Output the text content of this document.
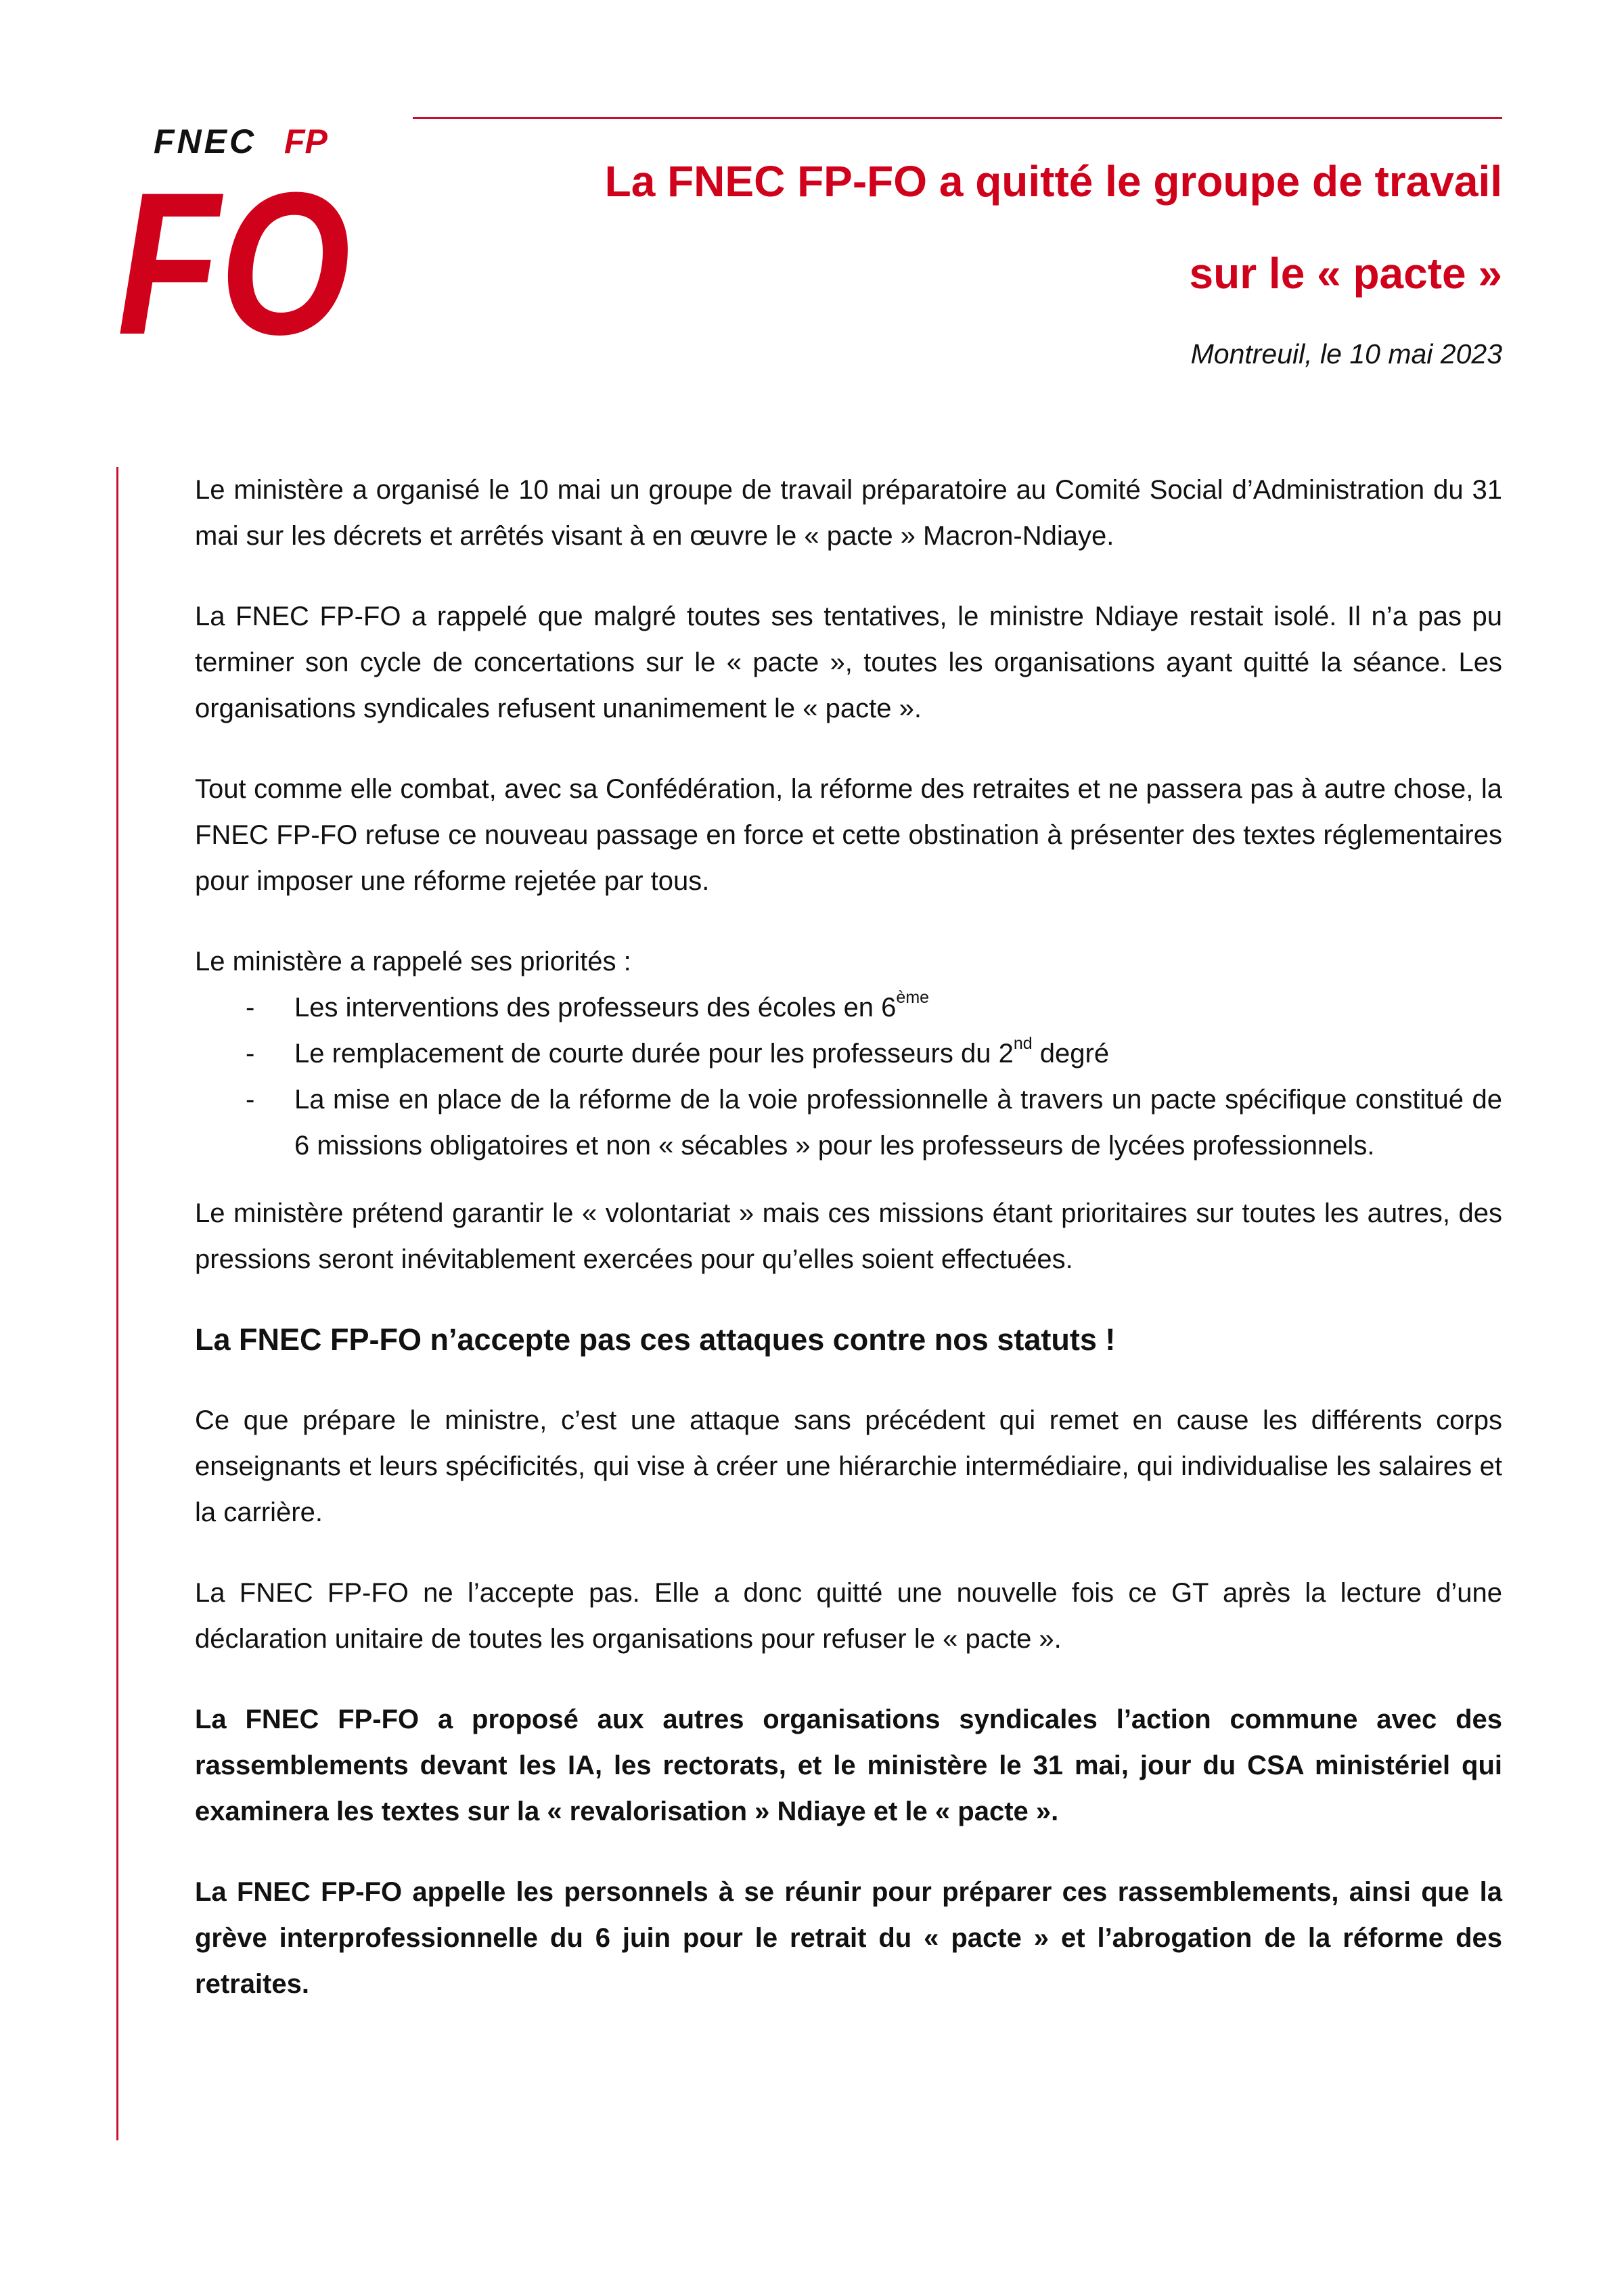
FNEC FP
FO	La FNEC FP-FO a quitté le groupe de travail
sur le « pacte »
Montreuil, le 10 mai 2023

Le ministère a organisé le 10 mai un groupe de travail préparatoire au Comité Social d’Administration du 31 mai sur les décrets et arrêtés visant à en œuvre le « pacte » Macron-Ndiaye.

La FNEC FP-FO a rappelé que malgré toutes ses tentatives, le ministre Ndiaye restait isolé. Il n’a pas pu terminer son cycle de concertations sur le « pacte », toutes les organisations ayant quitté la séance. Les organisations syndicales refusent unanimement le « pacte ».

Tout comme elle combat, avec sa Confédération, la réforme des retraites et ne passera pas à autre chose, la FNEC FP-FO refuse ce nouveau passage en force et cette obstination à présenter des textes réglementaires pour imposer une réforme rejetée par tous.

Le ministère a rappelé ses priorités :

- Les interventions des professeurs des écoles en 6ème
- Le remplacement de courte durée pour les professeurs du 2nd degré
- La mise en place de la réforme de la voie professionnelle à travers un pacte spécifique constitué de 6 missions obligatoires et non « sécables » pour les professeurs de lycées professionnels.

Le ministère prétend garantir le « volontariat » mais ces missions étant prioritaires sur toutes les autres, des pressions seront inévitablement exercées pour qu’elles soient effectuées.

La FNEC FP-FO n’accepte pas ces attaques contre nos statuts !

Ce que prépare le ministre, c’est une attaque sans précédent qui remet en cause les différents corps enseignants et leurs spécificités, qui vise à créer une hiérarchie intermédiaire, qui individualise les salaires et la carrière.

La FNEC FP-FO ne l’accepte pas. Elle a donc quitté une nouvelle fois ce GT après la lecture d’une déclaration unitaire de toutes les organisations pour refuser le « pacte ».

La FNEC FP-FO a proposé aux autres organisations syndicales l’action commune avec des rassemblements devant les IA, les rectorats, et le ministère le 31 mai, jour du CSA ministériel qui examinera les textes sur la « revalorisation » Ndiaye et le « pacte ».

La FNEC FP-FO appelle les personnels à se réunir pour préparer ces rassemblements, ainsi que la grève interprofessionnelle du 6 juin pour le retrait du « pacte » et l’abrogation de la réforme des retraites.
